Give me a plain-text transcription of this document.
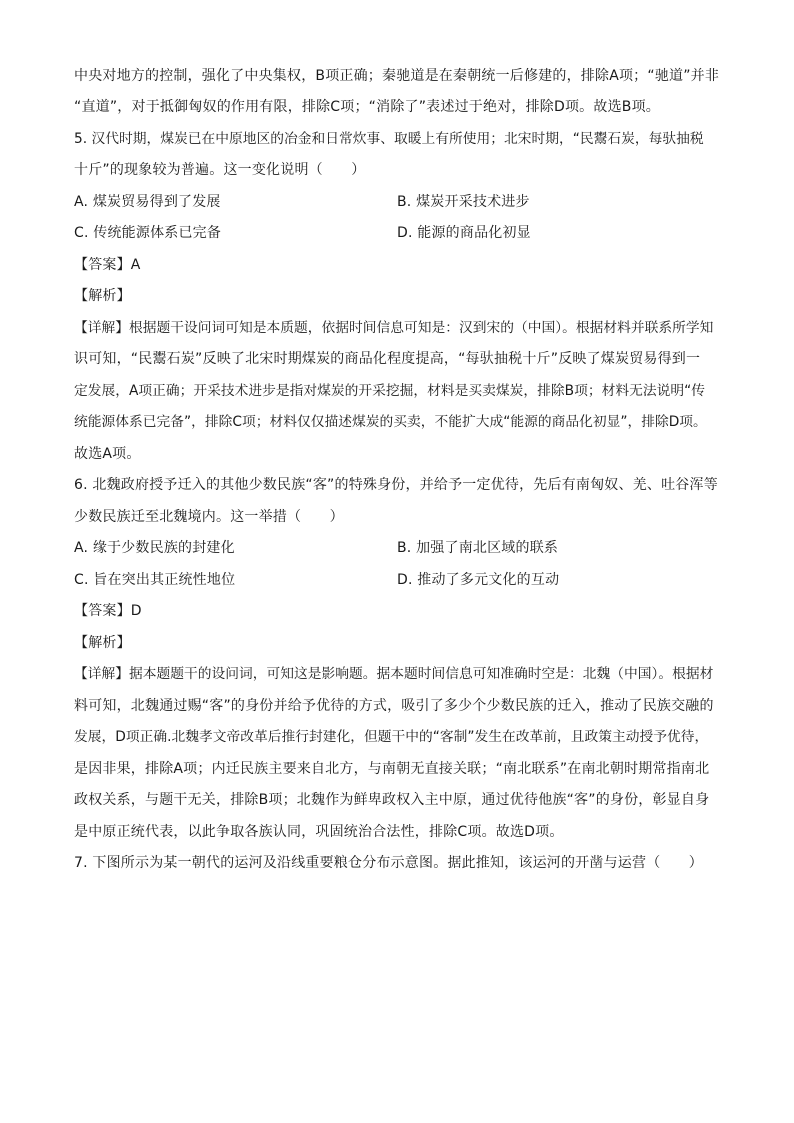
中央对地方的控制，强化了中央集权，B项正确；秦驰道是在秦朝统一后修建的，排除A项；“驰道”并非
“直道”，对于抵御匈奴的作用有限，排除C项；“消除了”表述过于绝对，排除D项。故选B项。
5. 汉代时期，煤炭已在中原地区的冶金和日常炊事、取暖上有所使用；北宋时期，“民鬻石炭，每驮抽税
十斤”的现象较为普遍。这一变化说明（　　）
A. 煤炭贸易得到了发展	B. 煤炭开采技术进步
C. 传统能源体系已完备	D. 能源的商品化初显
【答案】A
【解析】
【详解】根据题干设问词可知是本质题，依据时间信息可知是：汉到宋的（中国）。根据材料并联系所学知
识可知，“民鬻石炭”反映了北宋时期煤炭的商品化程度提高，“每驮抽税十斤”反映了煤炭贸易得到一
定发展，A项正确；开采技术进步是指对煤炭的开采挖掘，材料是买卖煤炭，排除B项；材料无法说明“传
统能源体系已完备”，排除C项；材料仅仅描述煤炭的买卖，不能扩大成“能源的商品化初显”，排除D项。
故选A项。
6. 北魏政府授予迁入的其他少数民族“客”的特殊身份，并给予一定优待，先后有南匈奴、羌、吐谷浑等
少数民族迁至北魏境内。这一举措（　　）
A. 缘于少数民族的封建化	B. 加强了南北区域的联系
C. 旨在突出其正统性地位	D. 推动了多元文化的互动
【答案】D
【解析】
【详解】据本题题干的设问词，可知这是影响题。据本题时间信息可知准确时空是：北魏（中国）。根据材
料可知，北魏通过赐“客”的身份并给予优待的方式，吸引了多少个少数民族的迁入，推动了民族交融的
发展，D项正确.北魏孝文帝改革后推行封建化，但题干中的“客制”发生在改革前，且政策主动授予优待，
是因非果，排除A项；内迁民族主要来自北方，与南朝无直接关联；“南北联系”在南北朝时期常指南北
政权关系，与题干无关，排除B项；北魏作为鲜卑政权入主中原，通过优待他族“客”的身份，彰显自身
是中原正统代表，以此争取各族认同，巩固统治合法性，排除C项。故选D项。
7. 下图所示为某一朝代的运河及沿线重要粮仓分布示意图。据此推知，该运河的开凿与运营（　　）
